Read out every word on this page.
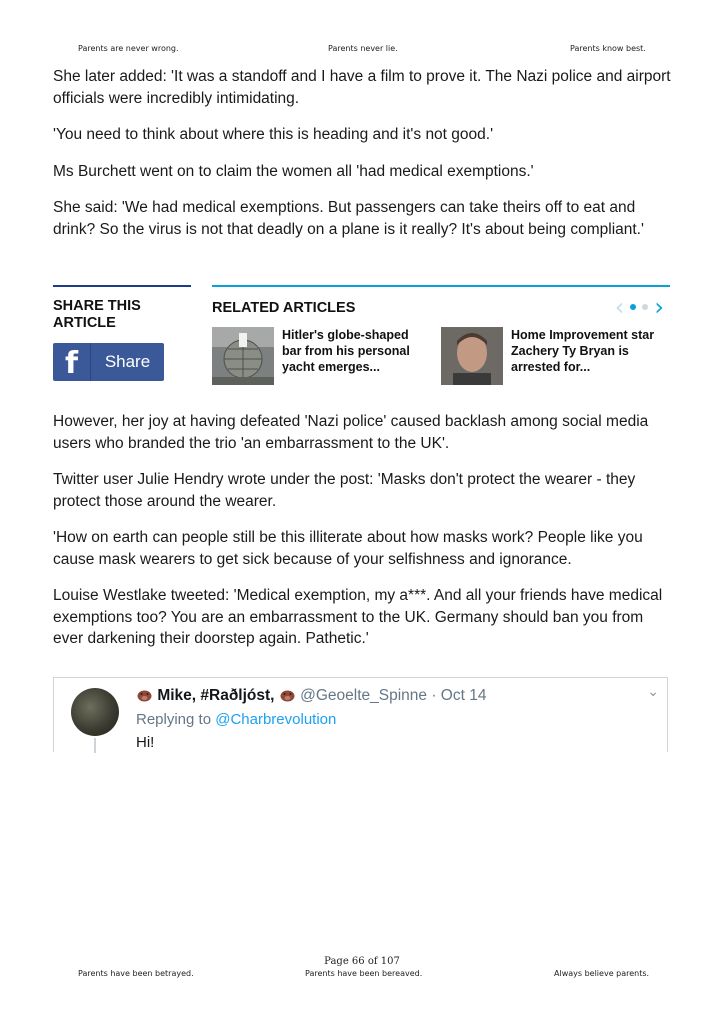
Parents are never wrong.	Parents never lie.	Parents know best.

She later added: 'It was a standoff and I have a film to prove it. The Nazi police and airport officials were incredibly intimidating.

'You need to think about where this is heading and it's not good.'

Ms Burchett went on to claim the women all 'had medical exemptions.'

She said: 'We had medical exemptions. But passengers can take theirs off to eat and drink? So the virus is not that deadly on a plane is it really? It's about being compliant.'

SHARE THIS ARTICLE
f	Share
RELATED ARTICLES	‹ ›
Hitler's globe-shaped bar from his personal yacht emerges...
Home Improvement star Zachery Ty Bryan is arrested for...

However, her joy at having defeated 'Nazi police' caused backlash among social media users who branded the trio 'an embarrassment to the UK'.

Twitter user Julie Hendry wrote under the post: 'Masks don't protect the wearer - they protect those around the wearer.

'How on earth can people still be this illiterate about how masks work? People like you cause mask wearers to get sick because of your selfishness and ignorance.

Louise Westlake tweeted: 'Medical exemption, my a***. And all your friends have medical exemptions too? You are an embarrassment to the UK. Germany should ban you from ever darkening their doorstep again. Pathetic.'

Mike, #Raðljóst, @Geoelte_Spinne · Oct 14
Replying to @Charbrevolution
Hi!
⌄
Page 66 of 107
Parents have been betrayed.	Parents have been bereaved.	Always believe parents.
